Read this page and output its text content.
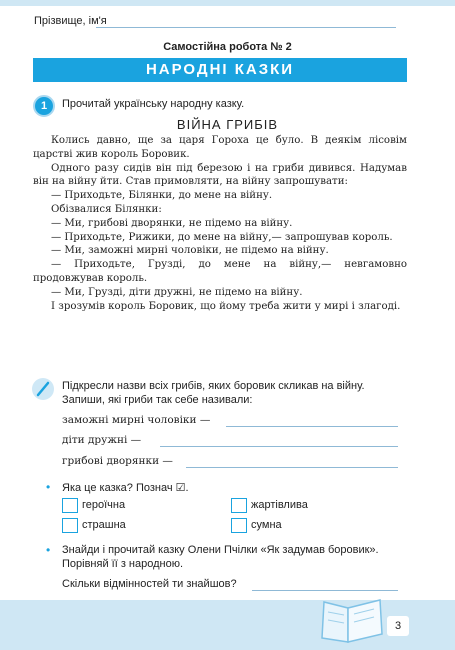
Прізвище, ім'я
Самостійна робота № 2
НАРОДНІ КАЗКИ
1	Прочитай українську народну казку.
ВІЙНА ГРИБІВ

Колись давно, ще за царя Гороха це було. В деякім лісовім царстві жив король Боровик.

Одного разу сидів він під березою і на гриби дивився. Надумав він на війну йти. Став примовляти, на війну запрошувати:

— Приходьте, Білянки, до мене на війну.

Обізвалися Білянки:

— Ми, грибові дворянки, не підемо на війну.

— Приходьте, Рижики, до мене на війну,— запрошував король.

— Ми, заможні мирні чоловіки, не підемо на війну.

— Приходьте, Груздi, до мене на війну,— невгамовно продовжував король.

— Ми, Груздi, діти дружні, не підемо на війну.

І зрозумів король Боровик, що йому треба жити у мирі і злагоді.

Підкресли назви всіх грибів, яких боровик скликав на війну.
Запиши, які гриби так себе називали:
заможні мирні чоловіки —
діти дружні —
грибові дворянки —
• Яка це казка? Познач ☑.
героїчна	жартівлива
страшна	сумна
• Знайди і прочитай казку Олени Пчілки «Як задумав боровик».
Порівняй її з народною.
Скільки відмінностей ти знайшов?
3
